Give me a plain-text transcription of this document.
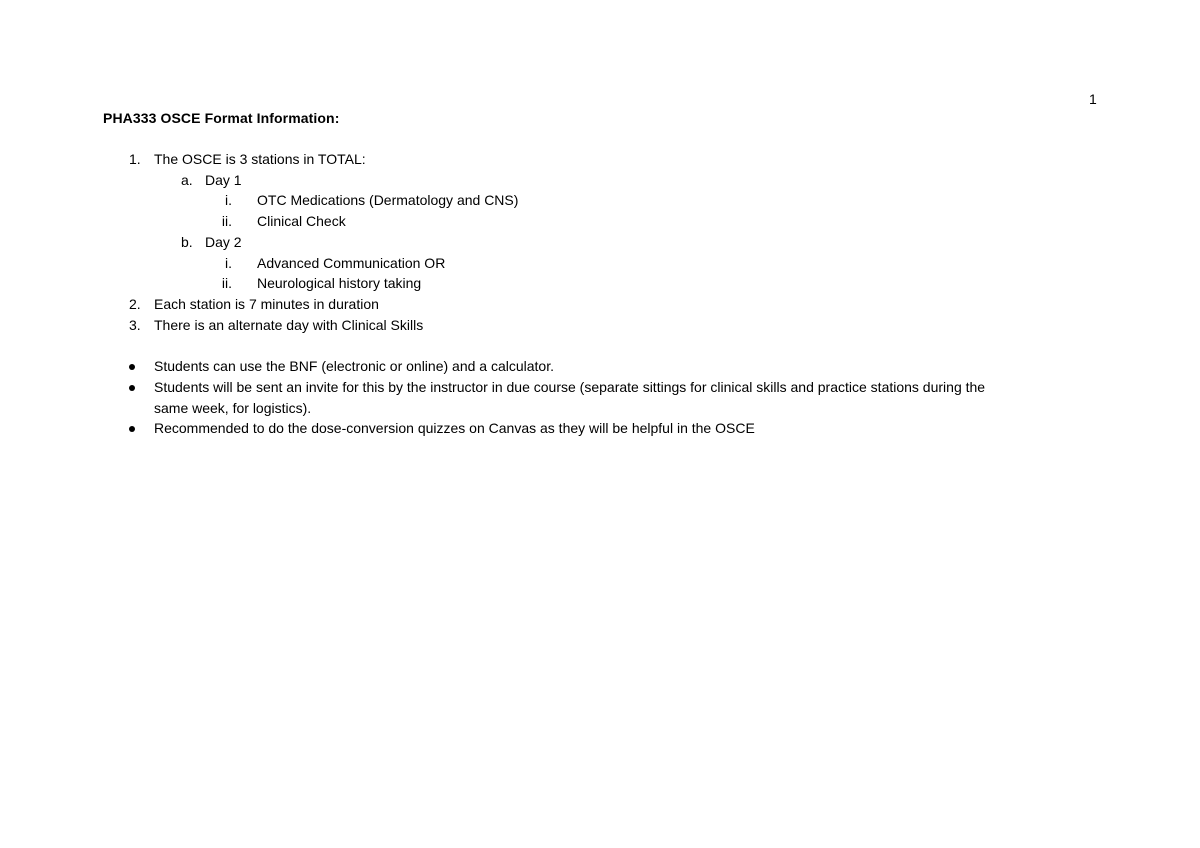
1
PHA333 OSCE Format Information:
1. The OSCE is 3 stations in TOTAL:
a. Day 1
i. OTC Medications (Dermatology and CNS)
ii. Clinical Check
b. Day 2
i. Advanced Communication OR
ii. Neurological history taking
2. Each station is 7 minutes in duration
3. There is an alternate day with Clinical Skills
Students can use the BNF (electronic or online) and a calculator.
Students will be sent an invite for this by the instructor in due course (separate sittings for clinical skills and practice stations during the
same week, for logistics).
Recommended to do the dose-conversion quizzes on Canvas as they will be helpful in the OSCE
